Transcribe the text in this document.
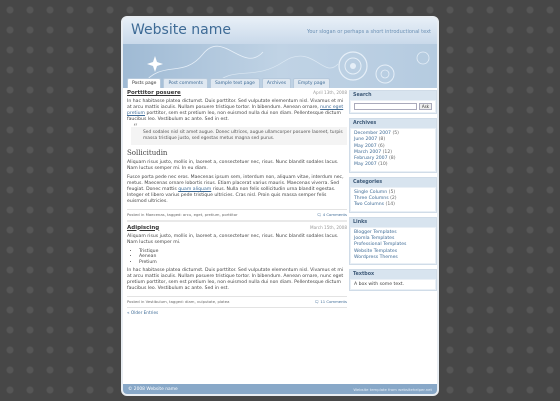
Website name	Your slogan or perhaps a short introductional text
Posts page	Post comments	Sample text page	Archives	Empty page
Porttitor posuere	April 13th, 2008
In hac habitasse platea dictumst. Duis porttitor. Sed vulputate elementum nisl. Vivamus et mi at arcu mattis iaculis. Nullam posuere tristique tortor. In bibendum. Aenean ornare, nunc eget pretium porttitor, sem est pretium leo, non euismod nulla dui non diam. Pellentesque dictum faucibus leo. Vestibulum ac ante. Sed in est.
“ Sed sodales nisl sit amet augue. Donec ultrices, augue ullamcorper posuere laoreet, turpis massa tristique justo, sed egestas metus magna sed purus.
Sollicitudin
Aliquam risus justo, mollis in, laoreet a, consectetuer nec, risus. Nunc blandit sodales lacus. Nam luctus semper mi. In eu diam.
Fusce porta pede nec eros. Maecenas ipsum sem, interdum non, aliquam vitae, interdum nec, metus. Maecenas ornare lobortis risus. Etiam placerat varius mauris. Maecenas viverra. Sed feugiat. Donec mattis quam aliquam risus. Nulla non felis sollicitudin urna blandit egestas. Integer et libero varius pede tristique ultricies. Cras nisl. Proin quis massa semper felis euismod ultricies.
Posted in Maecenas, tagged: arcu, eget, pretium, porttitor	🗨 4 Comments
Adipiscing	March 15th, 2008
Aliquam risus justo, mollis in, laoreet a, consectetuer nec, risus. Nunc blandit sodales lacus. Nam luctus semper mi.
• Tristique
• Aenean
• Pretium
In hac habitasse platea dictumst. Duis porttitor. Sed vulputate elementum nisl. Vivamus et mi at arcu mattis iaculis. Nullam posuere tristique tortor. In bibendum. Aenean ornare, nunc eget pretium porttitor, sem est pretium leo, non euismod nulla dui non diam. Pellentesque dictum faucibus leo. Vestibulum ac ante. Sed in est.
Posted in Vestibulum, tagged: diam, vulputate, platea	🗨 11 Comments
« Older Entries
Search
Ask
Archives
December 2007 (5)
June 2007 (8)
May 2007 (6)
March 2007 (12)
February 2007 (8)
May 2007 (10)
Categories
Single Column (5)
Three Columns (2)
Two Columns (14)
Links
Blogger Templates
Joomla Templates
Professional Templates
Website Templates
Wordpress Themes
Textbox
A box with some text.
© 2008 Website name	Website template from websitehelper.net
